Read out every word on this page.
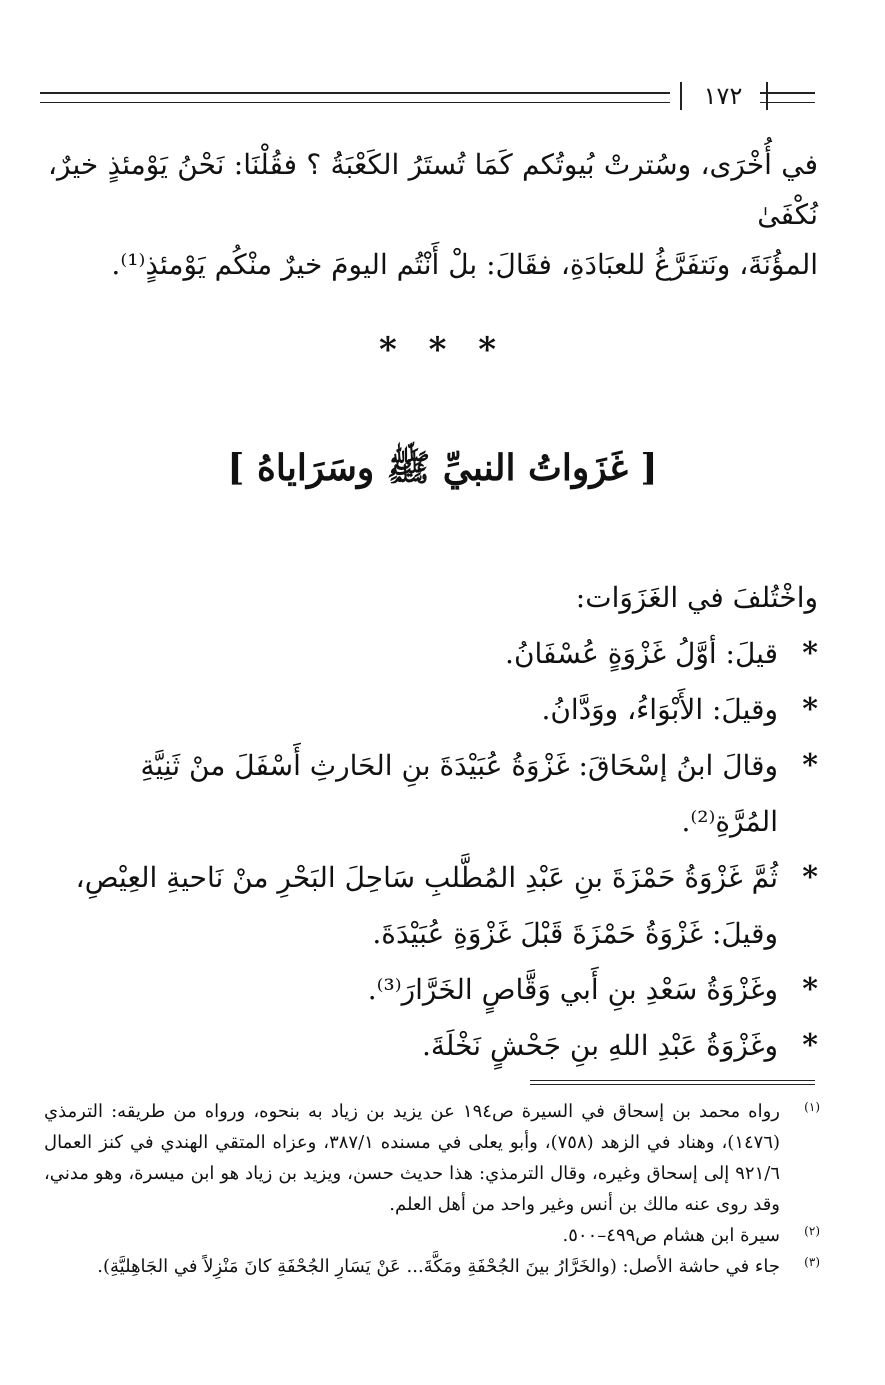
١٧٢

في أُخْرَى، وسُترتْ بُيوتُكم كَمَا تُستَرُ الكَعْبَةُ ؟ فقُلْنَا: نَحْنُ يَوْمئذٍ خيرٌ، نُكْفَىٰ

المؤُنَةَ، ونَتفَرَّغُ للعبَادَةِ، فقَالَ: بلْ أَنْتُم اليومَ خيرٌ منْكُم يَوْمئذٍ⁽¹⁾.

* * *
[ غَزَواتُ النبيِّ ﷺ وسَرَاياهُ ]

واخْتُلفَ في الغَزَوَات:

*
قيلَ: أوَّلُ غَزْوَةٍ عُسْفَانُ.
*
وقيلَ: الأَبْوَاءُ، ووَدَّانُ.
*
وقالَ ابنُ إسْحَاقَ: غَزْوَةُ عُبَيْدَةَ بنِ الحَارثِ أَسْفَلَ منْ ثَنِيَّةِ المُرَّةِ⁽²⁾.
*
ثُمَّ غَزْوَةُ حَمْزَةَ بنِ عَبْدِ المُطَّلبِ سَاحِلَ البَحْرِ منْ نَاحيةِ العِيْصِ، وقيلَ: غَزْوَةُ حَمْزَةَ قَبْلَ غَزْوَةِ عُبَيْدَةَ.
*
وغَزْوَةُ سَعْدِ بنِ أَبي وَقَّاصٍ الخَرَّارَ⁽³⁾.
*
وغَزْوَةُ عَبْدِ اللهِ بنِ جَحْشٍ نَخْلَةَ.
(١)
رواه محمد بن إسحاق في السيرة ص١٩٤ عن يزيد بن زياد به بنحوه، ورواه من طريقه: الترمذي (١٤٧٦)، وهناد في الزهد (٧٥٨)، وأبو يعلى في مسنده ٣٨٧/١، وعزاه المتقي الهندي في كنز العمال ٩٢١/٦ إلى إسحاق وغيره، وقال الترمذي: هذا حديث حسن، ويزيد بن زياد هو ابن ميسرة، وهو مدني، وقد روى عنه مالك بن أنس وغير واحد من أهل العلم.
(٢)
سيرة ابن هشام ص٤٩٩–٥٠٠.
(٣)
جاء في حاشة الأصل: (والخَرَّارُ بينَ الجُحْفَةِ ومَكَّةَ... عَنْ يَسَارِ الجُحْفَةِ كانَ مَنْزِلاً في الجَاهِليَّةِ).
